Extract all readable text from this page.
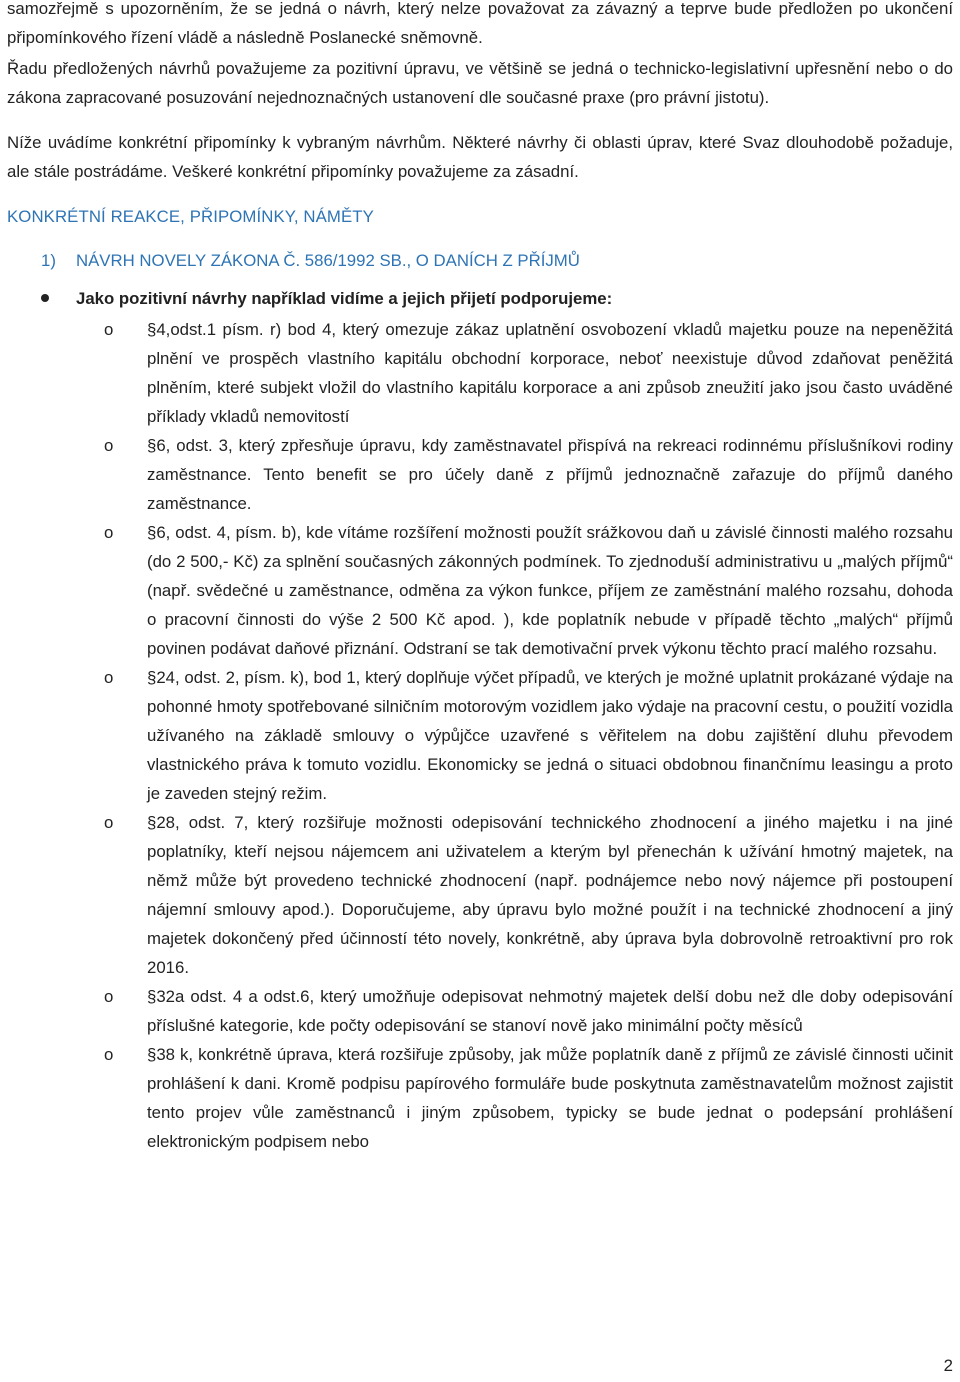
samozřejmě s upozorněním, že se jedná o návrh, který nelze považovat za závazný a teprve bude předložen po ukončení připomínkového řízení vládě a následně Poslanecké sněmovně.

Řadu předložených návrhů považujeme za pozitivní úpravu, ve většině se jedná o technicko-legislativní upřesnění nebo o do zákona zapracované posuzování nejednoznačných ustanovení dle současné praxe (pro právní jistotu).

Níže uvádíme konkrétní připomínky k vybraným návrhům. Některé návrhy či oblasti úprav, které Svaz dlouhodobě požaduje, ale stále postrádáme. Veškeré konkrétní připomínky považujeme za zásadní.

KONKRÉTNÍ REAKCE, PŘIPOMÍNKY, NÁMĚTY
1) NÁVRH NOVELY ZÁKONA Č. 586/1992 SB., O DANÍCH Z PŘÍJMŮ
Jako pozitivní návrhy například vidíme a jejich přijetí podporujeme:
o §4,odst.1 písm. r) bod 4, který omezuje zákaz uplatnění osvobození vkladů majetku pouze na nepeněžitá plnění ve prospěch vlastního kapitálu obchodní korporace, neboť neexistuje důvod zdaňovat peněžitá plněním, které subjekt vložil do vlastního kapitálu korporace a ani způsob zneužití jako jsou často uváděné příklady vkladů nemovitostí
o §6, odst. 3, který zpřesňuje úpravu, kdy zaměstnavatel přispívá na rekreaci rodinnému příslušníkovi rodiny zaměstnance. Tento benefit se pro účely daně z příjmů jednoznačně zařazuje do příjmů daného zaměstnance.
o §6, odst. 4, písm. b), kde vítáme rozšíření možnosti použít srážkovou daň u závislé činnosti malého rozsahu (do 2 500,- Kč) za splnění současných zákonných podmínek. To zjednoduší administrativu u „malých příjmů“ (např. svědečné u zaměstnance, odměna za výkon funkce, příjem ze zaměstnání malého rozsahu, dohoda o pracovní činnosti do výše 2 500 Kč apod. ), kde poplatník nebude v případě těchto „malých“ příjmů povinen podávat daňové přiznání. Odstraní se tak demotivační prvek výkonu těchto prací malého rozsahu.
o §24, odst. 2, písm. k), bod 1, který doplňuje výčet případů, ve kterých je možné uplatnit prokázané výdaje na pohonné hmoty spotřebované silničním motorovým vozidlem jako výdaje na pracovní cestu, o použití vozidla užívaného na základě smlouvy o výpůjčce uzavřené s věřitelem na dobu zajištění dluhu převodem vlastnického práva k tomuto vozidlu. Ekonomicky se jedná o situaci obdobnou finančnímu leasingu a proto je zaveden stejný režim.
o §28, odst. 7, který rozšiřuje možnosti odepisování technického zhodnocení a jiného majetku i na jiné poplatníky, kteří nejsou nájemcem ani uživatelem a kterým byl přenechán k užívání hmotný majetek, na němž může být provedeno technické zhodnocení (např. podnájemce nebo nový nájemce při postoupení nájemní smlouvy apod.). Doporučujeme, aby úpravu bylo možné použít i na technické zhodnocení a jiný majetek dokončený před účinností této novely, konkrétně, aby úprava byla dobrovolně retroaktivní pro rok 2016.
o §32a odst. 4 a odst.6, který umožňuje odepisovat nehmotný majetek delší dobu než dle doby odepisování příslušné kategorie, kde počty odepisování se stanoví nově jako minimální počty měsíců
o §38 k, konkrétně úprava, která rozšiřuje způsoby, jak může poplatník daně z příjmů ze závislé činnosti učinit prohlášení k dani. Kromě podpisu papírového formuláře bude poskytnuta zaměstnavatelům možnost zajistit tento projev vůle zaměstnanců i jiným způsobem, typicky se bude jednat o podepsání prohlášení elektronickým podpisem nebo
2
